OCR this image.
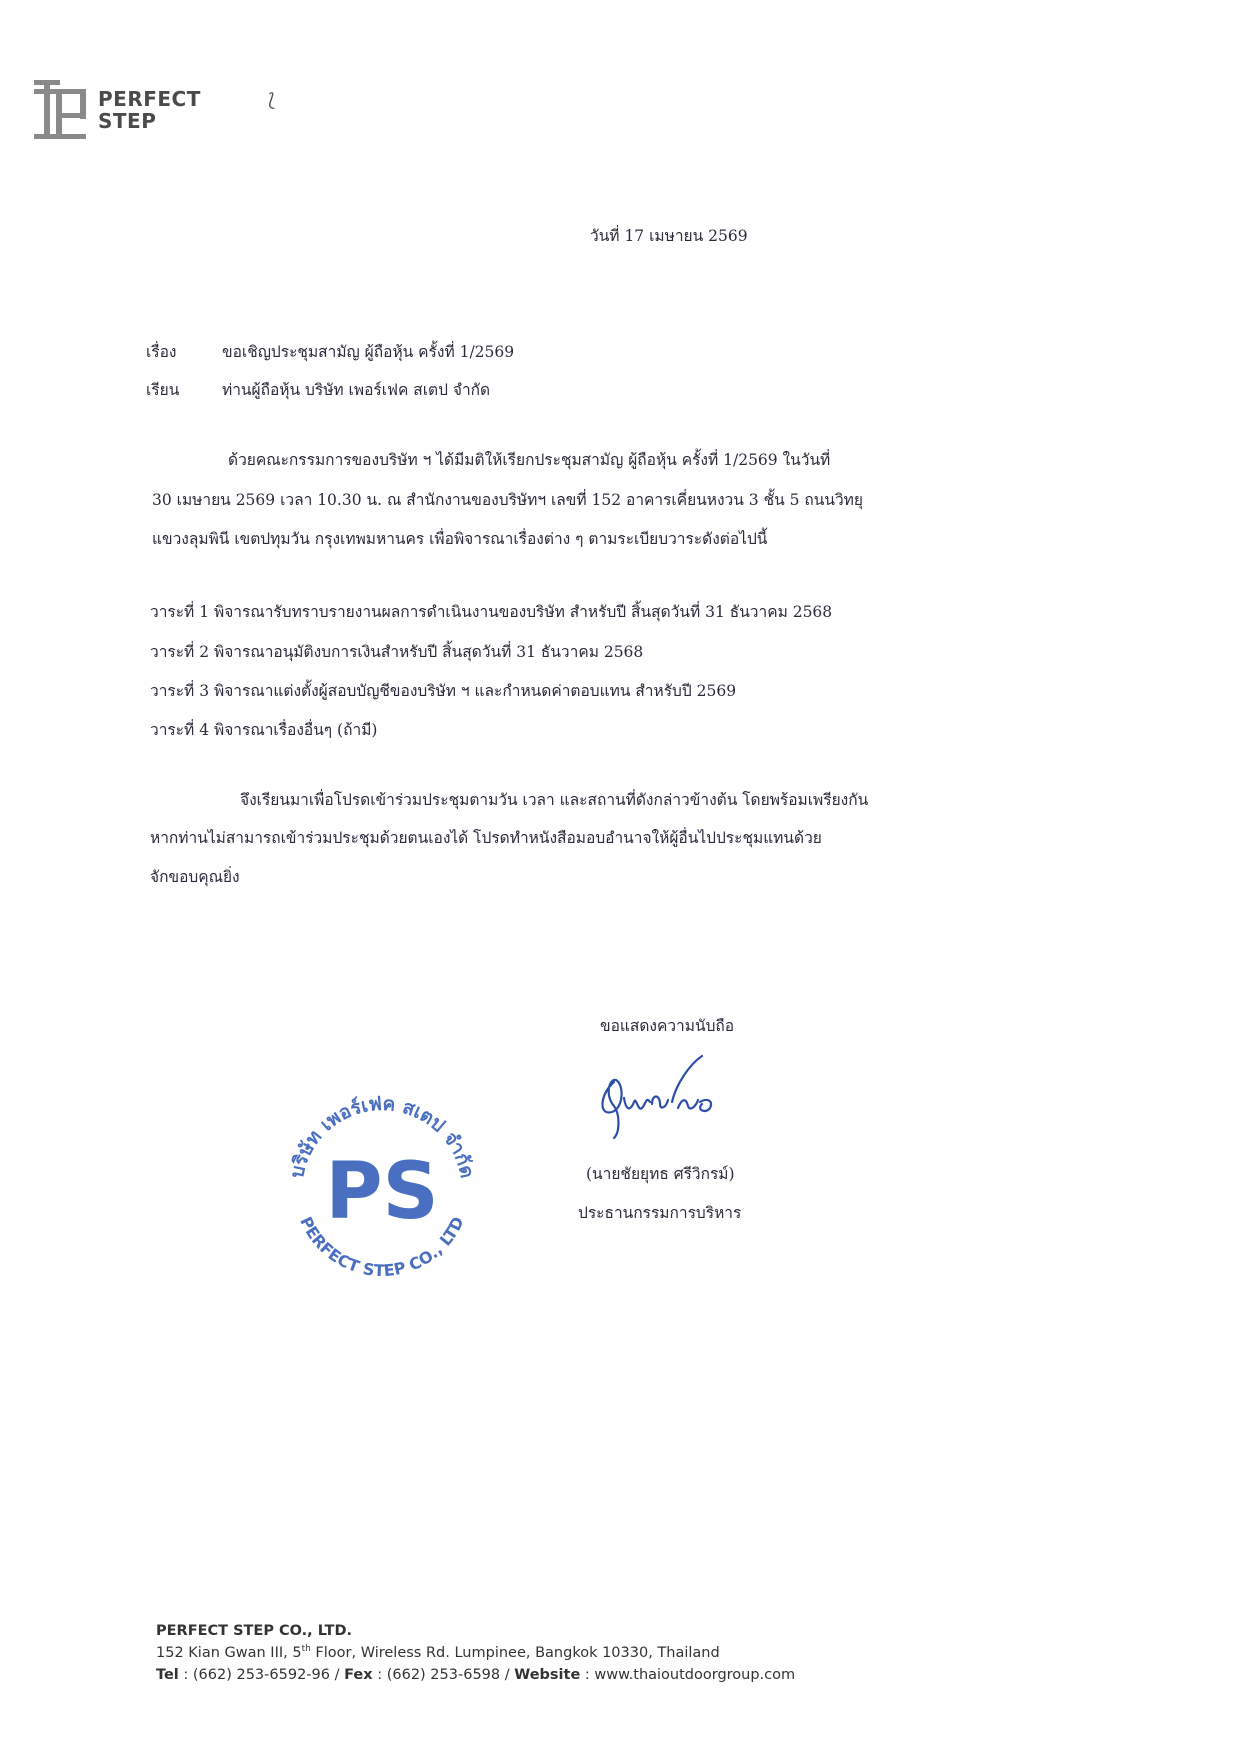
PERFECT
STEP
⟅
วันที่ 17 เมษายน 2569
เรื่อง	ขอเชิญประชุมสามัญ ผู้ถือหุ้น ครั้งที่ 1/2569
เรียน	ท่านผู้ถือหุ้น บริษัท เพอร์เฟค สเตป จำกัด
ด้วยคณะกรรมการของบริษัท ฯ ได้มีมติให้เรียกประชุมสามัญ ผู้ถือหุ้น ครั้งที่ 1/2569 ในวันที่
30 เมษายน 2569 เวลา 10.30 น. ณ สำนักงานของบริษัทฯ เลขที่ 152 อาคารเคี่ยนหงวน 3 ชั้น 5 ถนนวิทยุ
แขวงลุมพินี เขตปทุมวัน กรุงเทพมหานคร เพื่อพิจารณาเรื่องต่าง ๆ ตามระเบียบวาระดังต่อไปนี้
วาระที่ 1 พิจารณารับทราบรายงานผลการดำเนินงานของบริษัท สำหรับปี สิ้นสุดวันที่ 31 ธันวาคม 2568
วาระที่ 2 พิจารณาอนุมัติงบการเงินสำหรับปี สิ้นสุดวันที่ 31 ธันวาคม 2568
วาระที่ 3 พิจารณาแต่งตั้งผู้สอบบัญชีของบริษัท ฯ และกำหนดค่าตอบแทน สำหรับปี 2569
วาระที่ 4 พิจารณาเรื่องอื่นๆ (ถ้ามี)
จึงเรียนมาเพื่อโปรดเข้าร่วมประชุมตามวัน เวลา และสถานที่ดังกล่าวข้างต้น โดยพร้อมเพรียงกัน
หากท่านไม่สามารถเข้าร่วมประชุมด้วยตนเองได้ โปรดทำหนังสือมอบอำนาจให้ผู้อื่นไปประชุมแทนด้วย
จักขอบคุณยิ่ง
ขอแสดงความนับถือ
(นายชัยยุทธ ศรีวิกรม์)
ประธานกรรมการบริหาร
บริษัท เพอร์เฟค สเตป จำกัด
PS
PERFECT STEP CO., LTD
PERFECT STEP CO., LTD.
152 Kian Gwan III, 5th Floor, Wireless Rd. Lumpinee, Bangkok 10330, Thailand
Tel : (662) 253-6592-96 / Fex : (662) 253-6598 / Website : www.thaioutdoorgroup.com
